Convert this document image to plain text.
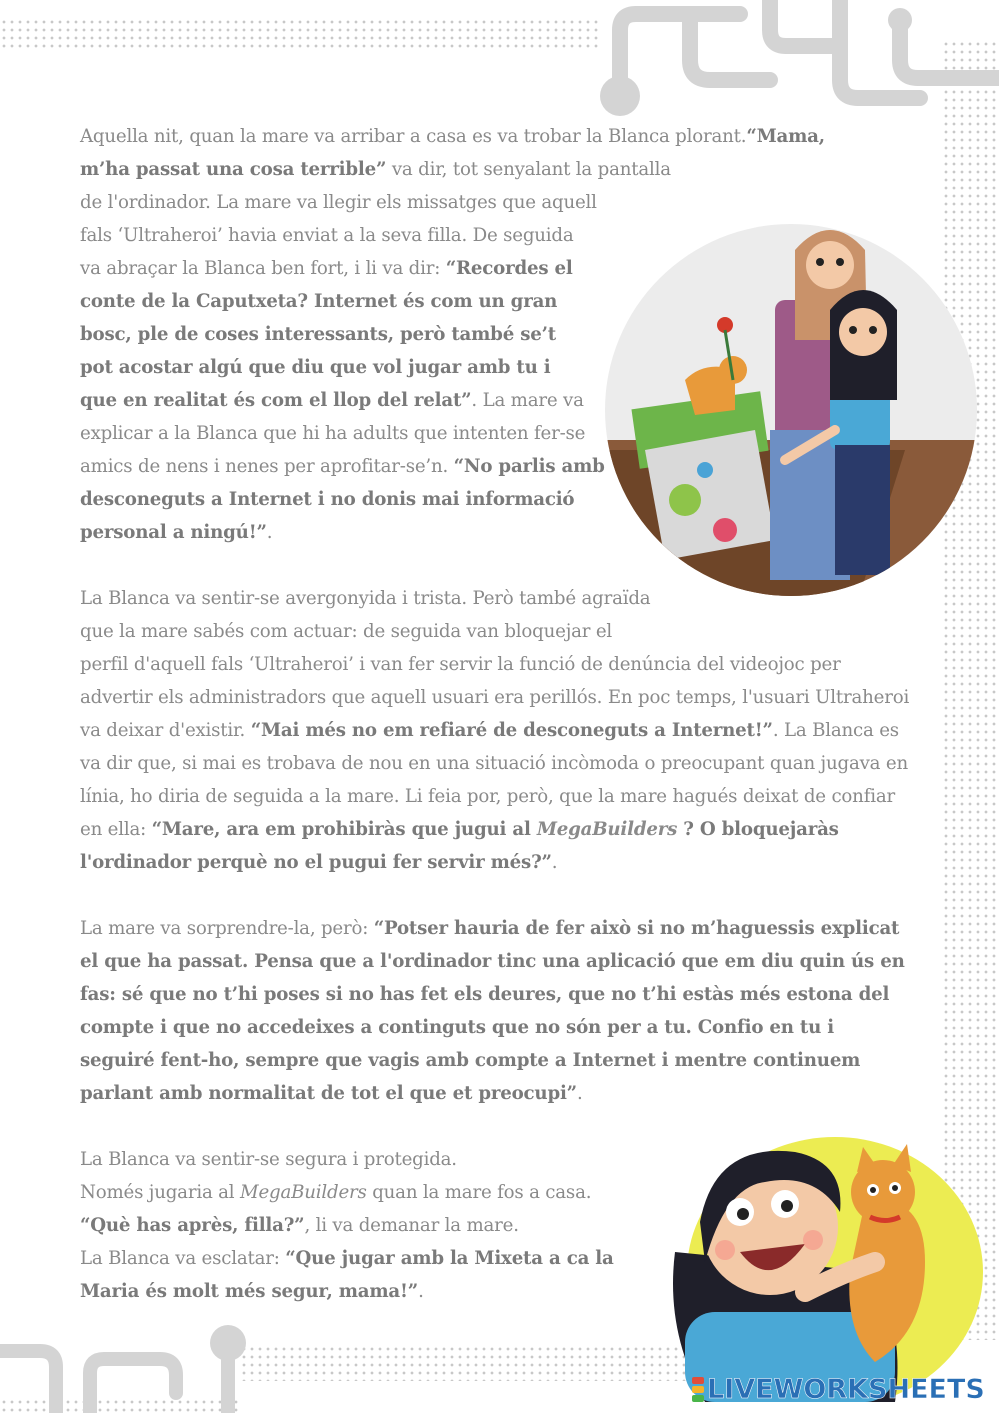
Aquella nit, quan la mare va arribar a casa es va trobar la Blanca plorant.“Mama, m’ha passat una cosa terrible” va dir, tot senyalant la pantalla de l'ordinador. La mare va llegir els missatges que aquell fals ‘Ultraheroi’ havia enviat a la seva filla. De seguida va abraçar la Blanca ben fort, i li va dir: “Recordes el conte de la Caputxeta? Internet és com un gran bosc, ple de coses interessants, però també se’t pot acostar algú que diu que vol jugar amb tu i que en realitat és com el llop del relat”. La mare va explicar a la Blanca que hi ha adults que intenten fer-se amics de nens i nenes per aprofitar-se’n. “No parlis amb desconeguts a Internet i no donis mai informació personal a ningú!”.

La Blanca va sentir-se avergonyida i trista. Però també agraïda que la mare sabés com actuar: de seguida van bloquejar el perfil d'aquell fals ‘Ultraheroi’ i van fer servir la funció de denúncia del videojoc per advertir els administradors que aquell usuari era perillós. En poc temps, l'usuari Ultraheroi va deixar d'existir. “Mai més no em refiaré de desconeguts a Internet!”. La Blanca es va dir que, si mai es trobava de nou en una situació incòmoda o preocupant quan jugava en línia, ho diria de seguida a la mare. Li feia por, però, que la mare hagués deixat de confiar en ella: “Mare, ara em prohibiràs que jugui al MegaBuilders ? O bloquejaràs l'ordinador perquè no el pugui fer servir més?”.

La mare va sorprendre-la, però: “Potser hauria de fer això si no m’haguessis explicat el que ha passat. Pensa que a l'ordinador tinc una aplicació que em diu quin ús en fas: sé que no t’hi poses si no has fet els deures, que no t’hi estàs més estona del compte i que no accedeixes a continguts que no són per a tu. Confio en tu i seguiré fent-ho, sempre que vagis amb compte a Internet i mentre continuem parlant amb normalitat de tot el que et preocupi”.

La Blanca va sentir-se segura i protegida.
Només jugaria al MegaBuilders quan la mare fos a casa.
“Què has après, filla?”, li va demanar la mare.
La Blanca va esclatar: “Que jugar amb la Mixeta a ca la Maria és molt més segur, mama!”.

LIVEWORKSHEETS
